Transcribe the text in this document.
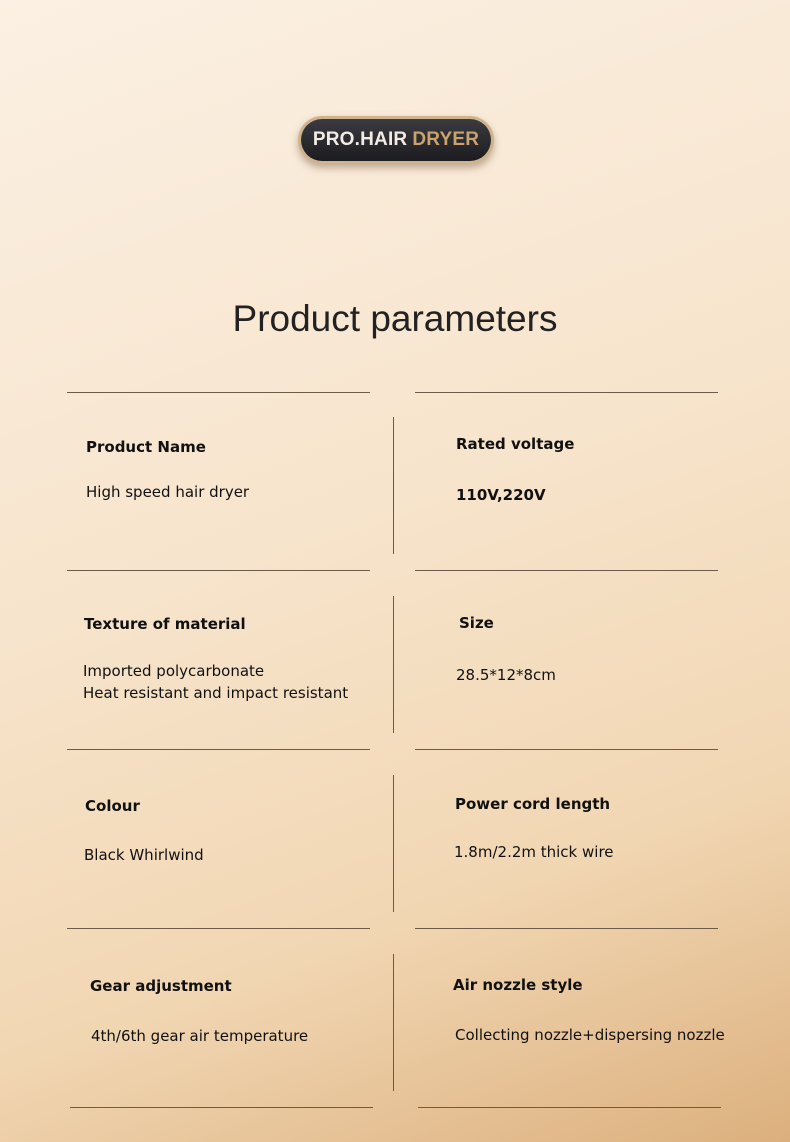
PRO.HAIR DRYER
Product parameters
Product Name
High speed hair dryer
Rated voltage
110V,220V
Texture of material
Imported polycarbonate
Heat resistant and impact resistant
Size
28.5*12*8cm
Colour
Black Whirlwind
Power cord length
1.8m/2.2m thick wire
Gear adjustment
4th/6th gear air temperature
Air nozzle style
Collecting nozzle+dispersing nozzle
